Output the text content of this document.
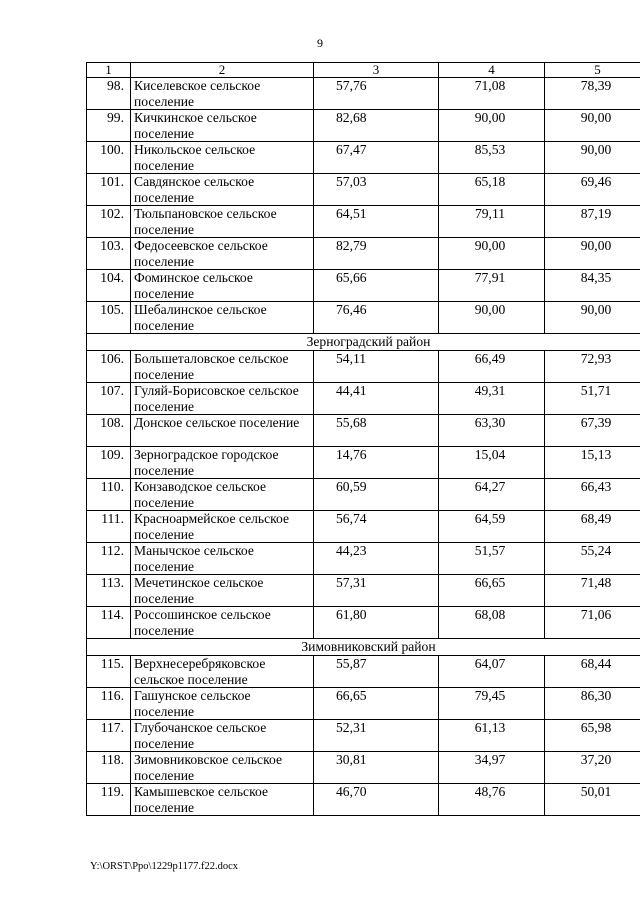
9
1	2	3	4	5
98.	Киселевское сельское поселение	57,76	71,08	78,39
99.	Кичкинское сельское поселение	82,68	90,00	90,00
100.	Никольское сельское поселение	67,47	85,53	90,00
101.	Савдянское сельское поселение	57,03	65,18	69,46
102.	Тюльпановское сельское поселение	64,51	79,11	87,19
103.	Федосеевское сельское поселение	82,79	90,00	90,00
104.	Фоминское сельское поселение	65,66	77,91	84,35
105.	Шебалинское сельское поселение	76,46	90,00	90,00
Зерноградский район				
106.	Большеталовское сельское поселение	54,11	66,49	72,93
107.	Гуляй-Борисовское сельское поселение	44,41	49,31	51,71
108.	Донское сельское поселение	55,68	63,30	67,39
109.	Зерноградское городское поселение	14,76	15,04	15,13
110.	Конзаводское сельское поселение	60,59	64,27	66,43
111.	Красноармейское сельское поселение	56,74	64,59	68,49
112.	Манычское сельское поселение	44,23	51,57	55,24
113.	Мечетинское сельское поселение	57,31	66,65	71,48
114.	Россошинское сельское поселение	61,80	68,08	71,06
Зимовниковский район				
115.	Верхнесеребряковское сельское поселение	55,87	64,07	68,44
116.	Гашунское сельское поселение	66,65	79,45	86,30
117.	Глубочанское сельское поселение	52,31	61,13	65,98
118.	Зимовниковское сельское поселение	30,81	34,97	37,20
119.	Камышевское сельское поселение	46,70	48,76	50,01
Y:\ORST\Ppo\1229p1177.f22.docx
